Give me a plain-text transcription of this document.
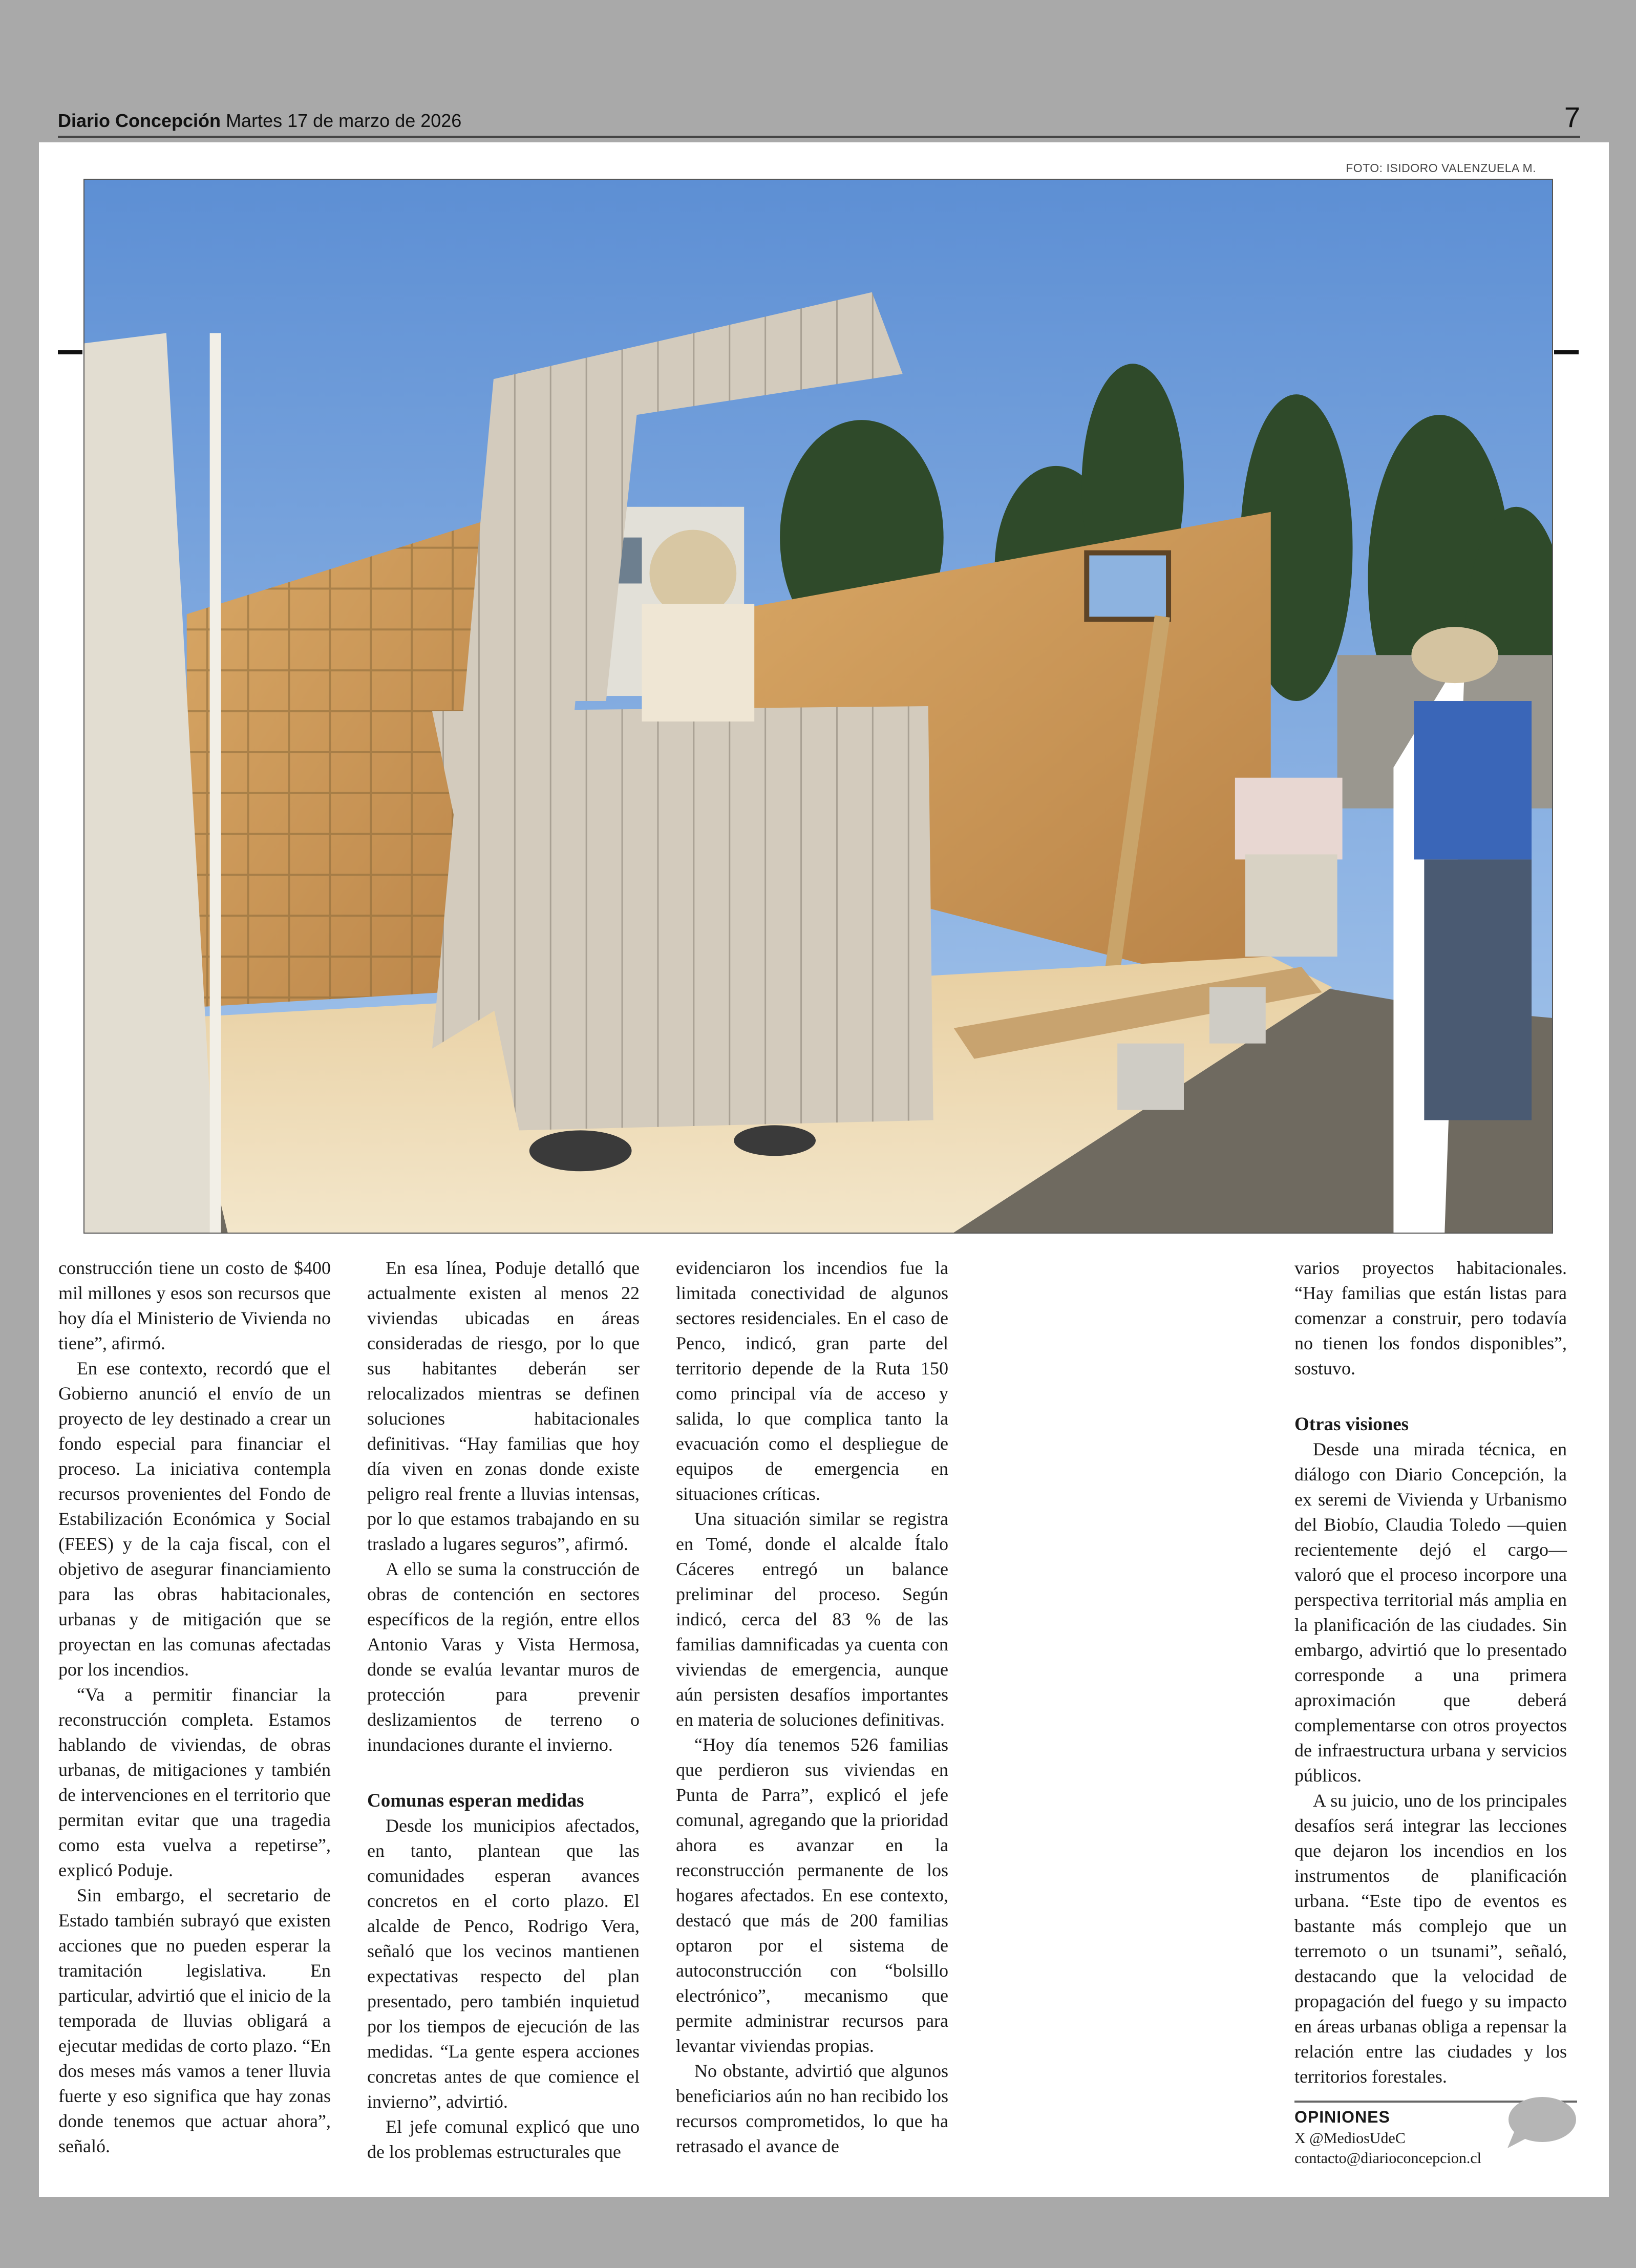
Diario Concepción Martes 17 de marzo de 2026	7
FOTO: ISIDORO VALENZUELA M.

construcción tiene un costo de $400 mil millones y esos son recursos que hoy día el Ministerio de Vivienda no tiene”, afirmó.

En ese contexto, recordó que el Gobierno anunció el envío de un proyecto de ley destinado a crear un fondo especial para financiar el proceso. La iniciativa contempla recursos provenientes del Fondo de Estabilización Económica y Social (FEES) y de la caja fiscal, con el objetivo de asegurar financiamiento para las obras habitacionales, urbanas y de mitigación que se proyectan en las comunas afectadas por los incendios.

“Va a permitir financiar la reconstrucción completa. Estamos hablando de viviendas, de obras urbanas, de mitigaciones y también de intervenciones en el territorio que permitan evitar que una tragedia como esta vuelva a repetirse”, explicó Poduje.

Sin embargo, el secretario de Estado también subrayó que existen acciones que no pueden esperar la tramitación legislativa. En particular, advirtió que el inicio de la temporada de lluvias obligará a ejecutar medidas de corto plazo. “En dos meses más vamos a tener lluvia fuerte y eso significa que hay zonas donde tenemos que actuar ahora”, señaló.

En esa línea, Poduje detalló que actualmente existen al menos 22 viviendas ubicadas en áreas consideradas de riesgo, por lo que sus habitantes deberán ser relocalizados mientras se definen soluciones habitacionales definitivas. “Hay familias que hoy día viven en zonas donde existe peligro real frente a lluvias intensas, por lo que estamos trabajando en su traslado a lugares seguros”, afirmó.

A ello se suma la construcción de obras de contención en sectores específicos de la región, entre ellos Antonio Varas y Vista Hermosa, donde se evalúa levantar muros de protección para prevenir deslizamientos de terreno o inundaciones durante el invierno.

Comunas esperan medidas

Desde los municipios afectados, en tanto, plantean que las comunidades esperan avances concretos en el corto plazo. El alcalde de Penco, Rodrigo Vera, señaló que los vecinos mantienen expectativas respecto del plan presentado, pero también inquietud por los tiempos de ejecución de las medidas. “La gente espera acciones concretas antes de que comience el invierno”, advirtió.

El jefe comunal explicó que uno de los problemas estructurales que

evidenciaron los incendios fue la limitada conectividad de algunos sectores residenciales. En el caso de Penco, indicó, gran parte del territorio depende de la Ruta 150 como principal vía de acceso y salida, lo que complica tanto la evacuación como el despliegue de equipos de emergencia en situaciones críticas.

Una situación similar se registra en Tomé, donde el alcalde Ítalo Cáceres entregó un balance preliminar del proceso. Según indicó, cerca del 83 % de las familias damnificadas ya cuenta con viviendas de emergencia, aunque aún persisten desafíos importantes en materia de soluciones definitivas.

“Hoy día tenemos 526 familias que perdieron sus viviendas en Punta de Parra”, explicó el jefe comunal, agregando que la prioridad ahora es avanzar en la reconstrucción permanente de los hogares afectados. En ese contexto, destacó que más de 200 familias optaron por el sistema de autoconstrucción con “bolsillo electrónico”, mecanismo que permite administrar recursos para levantar viviendas propias.

No obstante, advirtió que algunos beneficiarios aún no han recibido los recursos comprometidos, lo que ha retrasado el avance de

varios proyectos habitacionales. “Hay familias que están listas para comenzar a construir, pero todavía no tienen los fondos disponibles”, sostuvo.

Otras visiones

Desde una mirada técnica, en diálogo con Diario Concepción, la ex seremi de Vivienda y Urbanismo del Biobío, Claudia Toledo —quien recientemente dejó el cargo— valoró que el proceso incorpore una perspectiva territorial más amplia en la planificación de las ciudades. Sin embargo, advirtió que lo presentado corresponde a una primera aproximación que deberá complementarse con otros proyectos de infraestructura urbana y servicios públicos.

A su juicio, uno de los principales desafíos será integrar las lecciones que dejaron los incendios en los instrumentos de planificación urbana. “Este tipo de eventos es bastante más complejo que un terremoto o un tsunami”, señaló, destacando que la velocidad de propagación del fuego y su impacto en áreas urbanas obliga a repensar la relación entre las ciudades y los territorios forestales.

OPINIONES
X @MediosUdeC
contacto@diarioconcepcion.cl
